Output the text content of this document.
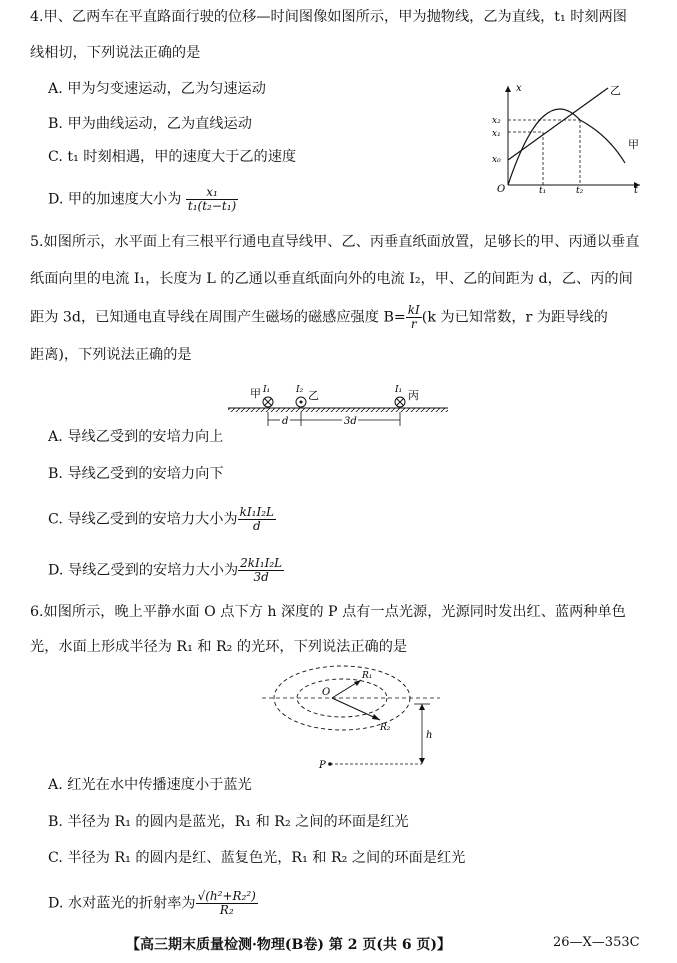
4.甲、乙两车在平直路面行驶的位移—时间图像如图所示，甲为抛物线，乙为直线，t₁ 时刻两图
线相切，下列说法正确的是
A. 甲为匀变速运动，乙为匀速运动
B. 甲为曲线运动，乙为直线运动
C. t₁ 时刻相遇，甲的速度大于乙的速度
D. 甲的加速度大小为 $\frac{\text{x₁}}{\text{t₁(t₂−t₁)}}$
x
x₂
x₁
x₀
O	t₁	t₂	t
乙
甲
5.如图所示，水平面上有三根平行通电直导线甲、乙、丙垂直纸面放置，足够长的甲、丙通以垂直
纸面向里的电流 I₁，长度为 L 的乙通以垂直纸面向外的电流 I₂，甲、乙的间距为 d，乙、丙的间
距为 3d，已知通电直导线在周围产生磁场的磁感应强度 $B= \frac{kI}{r} (k$ 为已知常数，r 为距导线的
距离)，下列说法正确的是
甲 I₁	I₂ 乙	I₁ 丙
d	3d
A. 导线乙受到的安培力向上
B. 导线乙受到的安培力向下
C. 导线乙受到的安培力大小为 $\frac{\text{kI₁I₂L}}{d}$
D. 导线乙受到的安培力大小为 $\frac{\text{2kI₁I₂L}}{3d}$
6.如图所示，晚上平静水面 O 点下方 h 深度的 P 点有一点光源，光源同时发出红、蓝两种单色
光，水面上形成半径为 R₁ 和 R₂ 的光环，下列说法正确的是
O
R₁
R₂
h
P
A. 红光在水中传播速度小于蓝光
B. 半径为 R₁ 的圆内是蓝光，R₁ 和 R₂ 之间的环面是红光
C. 半径为 R₁ 的圆内是红、蓝复色光，R₁ 和 R₂ 之间的环面是红光
D. 水对蓝光的折射率为 $\frac{\text{√(h²+R₂²)}}{\text{R₂}}$
【高三期末质量检测·物理(B卷) 第 2 页(共 6 页)】	26—X—353C
